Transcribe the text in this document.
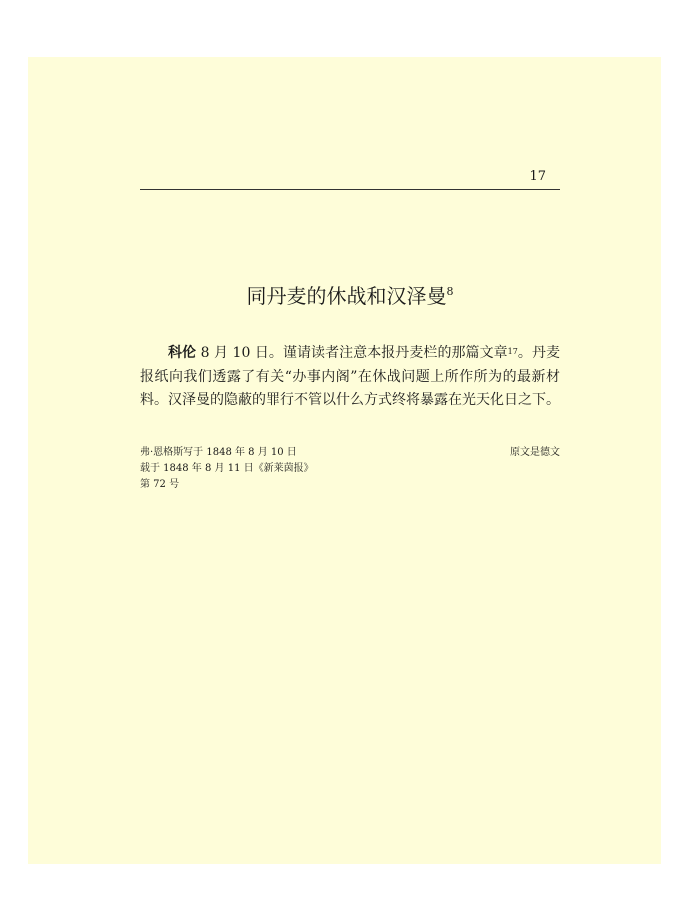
17
同丹麦的休战和汉泽曼$^8$

科伦 8 月 10 日。谨请读者注意本报丹麦栏的那篇文章$^{17}$。丹麦报纸向我们透露了有关“办事内阁”在休战问题上所作所为的最新材料。汉泽曼的隐蔽的罪行不管以什么方式终将暴露在光天化日之下。

弗·恩格斯写于 1848 年 8 月 10 日
载于 1848 年 8 月 11 日《新莱茵报》
第 72 号
原文是德文
